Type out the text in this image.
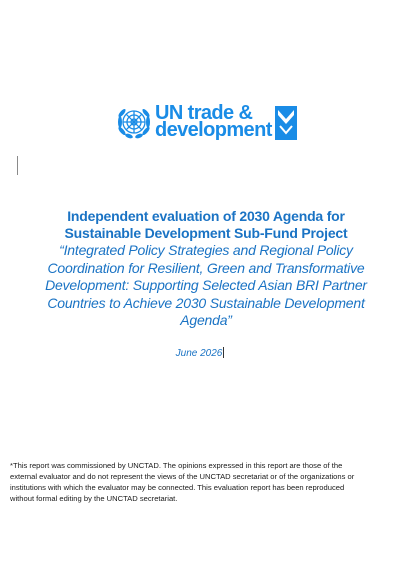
UN trade &
development

Independent evaluation of 2030 Agenda for

Sustainable Development Sub-Fund Project

“Integrated Policy Strategies and Regional Policy

Coordination for Resilient, Green and Transformative

Development: Supporting Selected Asian BRI Partner

Countries to Achieve 2030 Sustainable Development

Agenda”

June 2026
*This report was commissioned by UNCTAD. The opinions expressed in this report are those of the
external evaluator and do not represent the views of the UNCTAD secretariat or of the organizations or
institutions with which the evaluator may be connected. This evaluation report has been reproduced
without formal editing by the UNCTAD secretariat.
